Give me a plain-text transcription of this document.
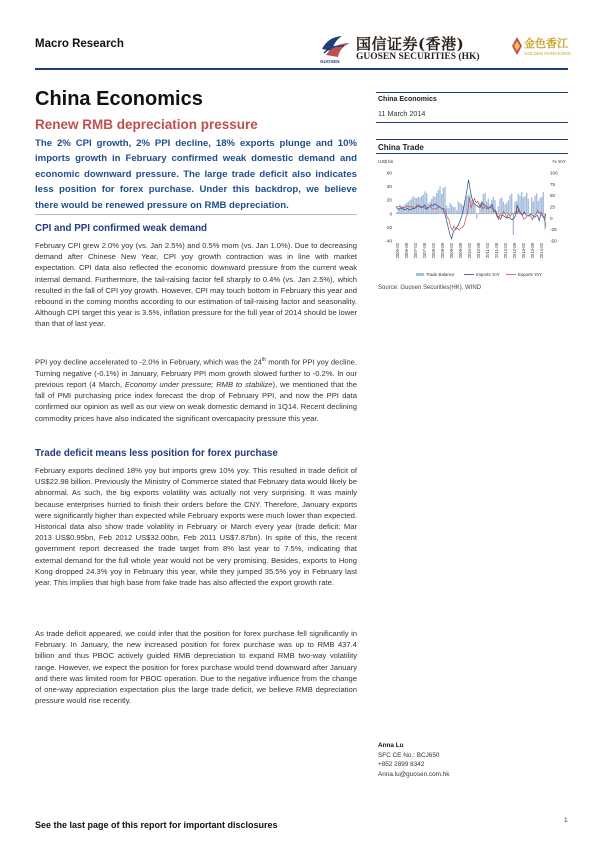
Macro Research
GUOSEN
国信证券(香港)
GUOSEN SECURITIES (HK)
金色香江
GOLDEN HONGKONG
China Economics
Renew RMB depreciation pressure
The 2% CPI growth, 2% PPI decline, 18% exports plunge and 10% imports growth in February confirmed weak domestic demand and economic downward pressure. The large trade deficit also indicates less position for forex purchase. Under this backdrop, we believe there would be renewed pressure on RMB depreciation.
CPI and PPI confirmed weak demand
February CPI grew 2.0% yoy (vs. Jan 2.5%) and 0.5% mom (vs. Jan 1.0%). Due to decreasing demand after Chinese New Year, CPI yoy growth contraction was in line with market expectation. CPI data also reflected the economic downward pressure from the current weak internal demand. Furthermore, the tail-raising factor fell sharply to 0.4% (vs. Jan 2.5%), which resulted in the fall of CPI yoy growth. However, CPI may touch bottom in February this year and rebound in the coming months according to our estimation of tail-raising factor and seasonality. Although CPI target this year is 3.5%, inflation pressure for the full year of 2014 should be lower than that of last year.
PPI yoy decline accelerated to -2.0% in February, which was the 24th month for PPI yoy decline. Turning negative (-0.1%) in January, February PPI mom growth slowed further to -0.2%. In our previous report (4 March, Economy under pressure; RMB to stabilize), we mentioned that the fall of PMI purchasing price index forecast the drop of February PPI, and now the PPI data confirmed our opinion as well as our view on weak domestic demand in 1Q14. Recent declining commodity prices have also indicated the significant overcapacity pressure this year.
Trade deficit means less position for forex purchase
February exports declined 18% yoy but imports grew 10% yoy. This resulted in trade deficit of US$22.98 billion. Previously the Ministry of Commerce stated that February data would likely be abnormal. As such, the big exports volatility was actually not very surprising. It was mainly because enterprises hurried to finish their orders before the CNY. Therefore, January exports were significantly higher than expected while February exports were much lower than expected. Historical data also show trade volatility in February or March every year (trade deficit: Mar 2013 US$0.95bn, Feb 2012 US$32.00bn, Feb 2011 US$7.87bn). In spite of this, the recent government report decreased the trade target from 8% last year to 7.5%, indicating that external demand for the full whole year would not be very promising. Besides, exports to Hong Kong dropped 24.3% yoy in February this year, while they jumped 35.5% yoy in February last year. This implies that high base from fake trade has also affected the export growth rate.
As trade deficit appeared, we could infer that the position for forex purchase fell significantly in February. In January, the new increased position for forex purchase was up to RMB 437.4 billion and thus PBOC actively guided RMB depreciation to expand RMB two-way volatility range. However, we expect the position for forex purchase would trend downward after January and there was limited room for PBOC operation. Due to the negative influence from the change of one-way appreciation expectation plus the large trade deficit, we believe RMB depreciation pressure would rise recently.
China Economics
11 March 2014
China Trade
US$ bn	% YoY
60
40
20
0
-20
-40
100
75
50
25
0
-25
-50
2006-02 2006-08 2007-02 2007-08 2008-02 2008-08 2009-02 2009-08 2010-02 2010-08 2011-02 2011-08 2012-02 2012-08 2013-02 2013-08 2014-02
Trade Balance	Imports YoY	Exports YoY
Source: Guosen Securities(HK), WIND
Anna Lu
SFC CE No.: BCJ650
+852 2899 8342
Anna.lu@guosen.com.hk
See the last page of this report for important disclosures	1
